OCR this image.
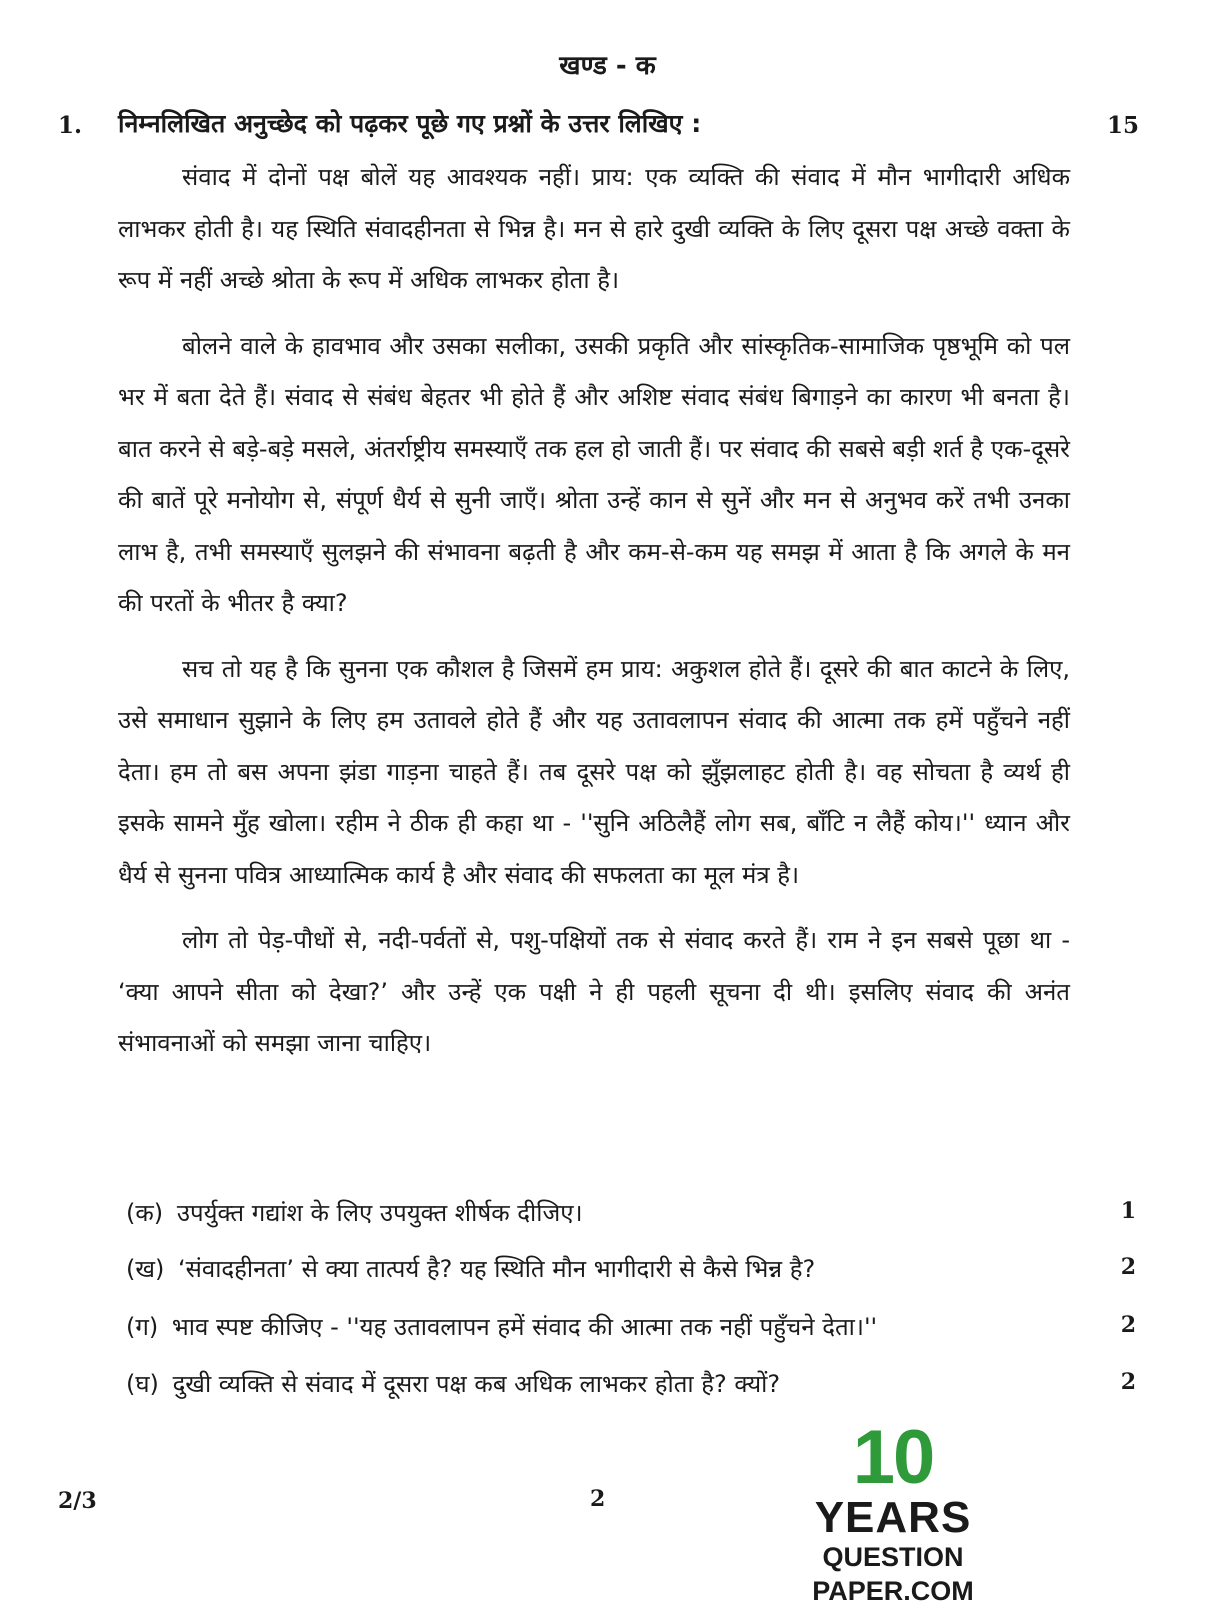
खण्ड - क
1. निम्नलिखित अनुच्छेद को पढ़कर पूछे गए प्रश्नों के उत्तर लिखिए :	15

संवाद में दोनों पक्ष बोलें यह आवश्यक नहीं। प्राय: एक व्यक्ति की संवाद में मौन भागीदारी अधिक लाभकर होती है। यह स्थिति संवादहीनता से भिन्न है। मन से हारे दुखी व्यक्ति के लिए दूसरा पक्ष अच्छे वक्ता के रूप में नहीं अच्छे श्रोता के रूप में अधिक लाभकर होता है।

बोलने वाले के हावभाव और उसका सलीका, उसकी प्रकृति और सांस्कृतिक-सामाजिक पृष्ठभूमि को पल भर में बता देते हैं। संवाद से संबंध बेहतर भी होते हैं और अशिष्ट संवाद संबंध बिगाड़ने का कारण भी बनता है। बात करने से बड़े-बड़े मसले, अंतर्राष्ट्रीय समस्याएँ तक हल हो जाती हैं। पर संवाद की सबसे बड़ी शर्त है एक-दूसरे की बातें पूरे मनोयोग से, संपूर्ण धैर्य से सुनी जाएँ। श्रोता उन्हें कान से सुनें और मन से अनुभव करें तभी उनका लाभ है, तभी समस्याएँ सुलझने की संभावना बढ़ती है और कम-से-कम यह समझ में आता है कि अगले के मन की परतों के भीतर है क्या?

सच तो यह है कि सुनना एक कौशल है जिसमें हम प्राय: अकुशल होते हैं। दूसरे की बात काटने के लिए, उसे समाधान सुझाने के लिए हम उतावले होते हैं और यह उतावलापन संवाद की आत्मा तक हमें पहुँचने नहीं देता। हम तो बस अपना झंडा गाड़ना चाहते हैं। तब दूसरे पक्ष को झुँझलाहट होती है। वह सोचता है व्यर्थ ही इसके सामने मुँह खोला। रहीम ने ठीक ही कहा था - ''सुनि अठिलैहैं लोग सब, बाँटि न लैहैं कोय।'' ध्यान और धैर्य से सुनना पवित्र आध्यात्मिक कार्य है और संवाद की सफलता का मूल मंत्र है।

लोग तो पेड़-पौधों से, नदी-पर्वतों से, पशु-पक्षियों तक से संवाद करते हैं। राम ने इन सबसे पूछा था - ‘क्या आपने सीता को देखा?’ और उन्हें एक पक्षी ने ही पहली सूचना दी थी। इसलिए संवाद की अनंत संभावनाओं को समझा जाना चाहिए।

(क) उपर्युक्त गद्यांश के लिए उपयुक्त शीर्षक दीजिए।	1
(ख) ‘संवादहीनता’ से क्या तात्पर्य है? यह स्थिति मौन भागीदारी से कैसे भिन्न है?	2
(ग) भाव स्पष्ट कीजिए - ''यह उतावलापन हमें संवाद की आत्मा तक नहीं पहुँचने देता।''	2
(घ) दुखी व्यक्ति से संवाद में दूसरा पक्ष कब अधिक लाभकर होता है? क्यों?	2
2/3	2	10
YEARS
QUESTION PAPER.COM
